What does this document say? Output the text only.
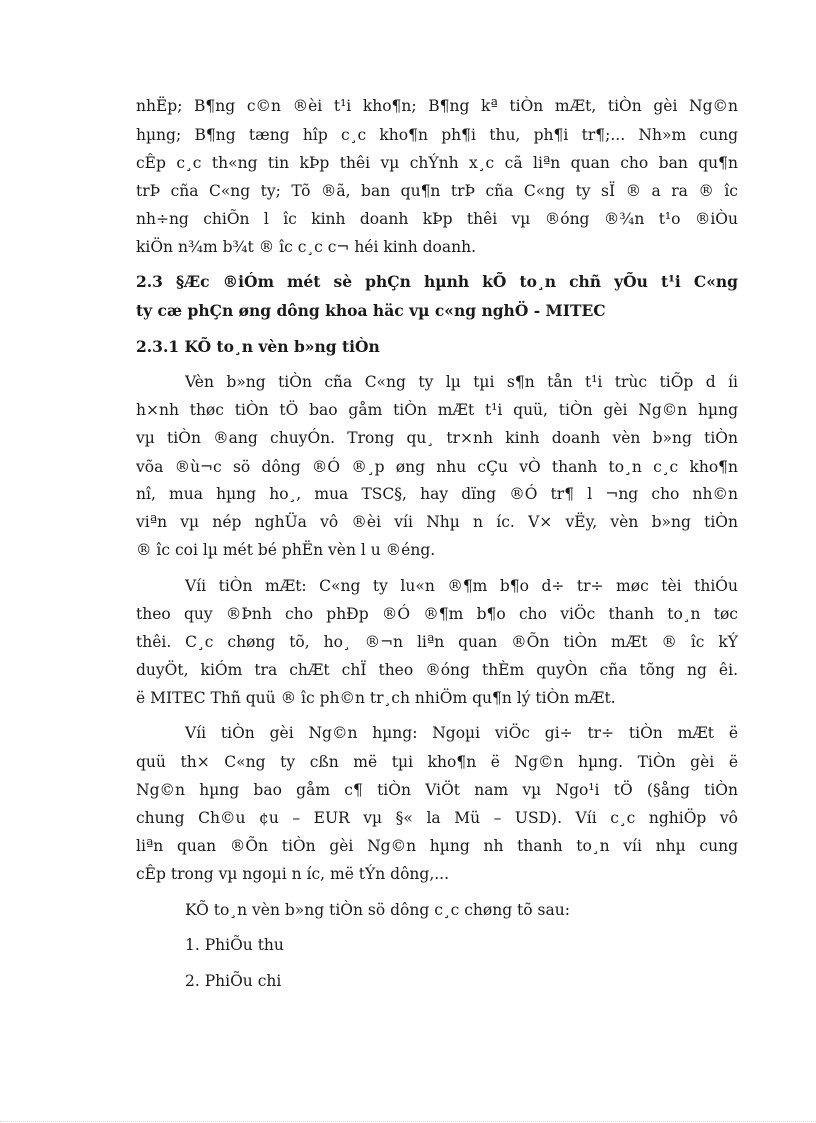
nhËp; B¶ng c©n ®èi t¹i kho¶n; B¶ng kª tiÒn mÆt, tiÒn gèi Ng©n
hµng; B¶ng tæng hîp c¸c kho¶n ph¶i thu, ph¶i tr¶;... Nh»m cung
cÊp c¸c th«ng tin kÞp thêi vµ chÝnh x¸c cã liªn quan cho ban qu¶n
trÞ cña C«ng ty; Tõ ®ã, ban qu¶n trÞ cña C«ng ty sÏ ® a ra ® îc
nh÷ng chiÕn l îc kinh doanh kÞp thêi vµ ®óng ®¾n t¹o ®iÒu
kiÖn n¾m b¾t ® îc c¸c c¬ héi kinh doanh.
2.3 §Æc ®iÓm mét sè phÇn hµnh kÕ to¸n chñ yÕu t¹i C«ng
ty cæ phÇn øng dông khoa häc vµ c«ng nghÖ - MITEC
2.3.1 KÕ to¸n vèn b»ng tiÒn
Vèn b»ng tiÒn cña C«ng ty lµ tµi s¶n tån t¹i trùc tiÕp d íi
h×nh thøc tiÒn tÖ bao gåm tiÒn mÆt t¹i quü, tiÒn gèi Ng©n hµng
vµ tiÒn ®ang chuyÓn. Trong qu¸ tr×nh kinh doanh vèn b»ng tiÒn
võa ®ù¬c sö dông ®Ó ®¸p øng nhu cÇu vÒ thanh to¸n c¸c kho¶n
nî, mua hµng ho¸, mua TSC§, hay dïng ®Ó tr¶ l ¬ng cho nh©n
viªn vµ nép nghÜa vô ®èi víi Nhµ n íc. V× vËy, vèn b»ng tiÒn
® îc coi lµ mét bé phËn vèn l u ®éng.
Víi tiÒn mÆt: C«ng ty lu«n ®¶m b¶o d÷ tr÷ møc tèi thiÓu
theo quy ®Þnh cho phÐp ®Ó ®¶m b¶o cho viÖc thanh to¸n tøc
thêi. C¸c chøng tõ, ho¸ ®¬n liªn quan ®Õn tiÒn mÆt ® îc kÝ
duyÖt, kiÓm tra chÆt chÏ theo ®óng thÈm quyÒn cña tõng ng êi.
ë MITEC Thñ quü ® îc ph©n tr¸ch nhiÖm qu¶n lý tiÒn mÆt.
Víi tiÒn gèi Ng©n hµng: Ngoµi viÖc gi÷ tr÷ tiÒn mÆt ë
quü th× C«ng ty cßn më tµi kho¶n ë Ng©n hµng. TiÒn gèi ë
Ng©n hµng bao gåm c¶ tiÒn ViÖt nam vµ Ngo¹i tÖ (§ång tiÒn
chung Ch©u ¢u – EUR vµ §« la Mü – USD). Víi c¸c nghiÖp vô
liªn quan ®Õn tiÒn gèi Ng©n hµng nh thanh to¸n víi nhµ cung
cÊp trong vµ ngoµi n íc, më tÝn dông,...
KÕ to¸n vèn b»ng tiÒn sö dông c¸c chøng tõ sau:
1. PhiÕu thu
2. PhiÕu chi
